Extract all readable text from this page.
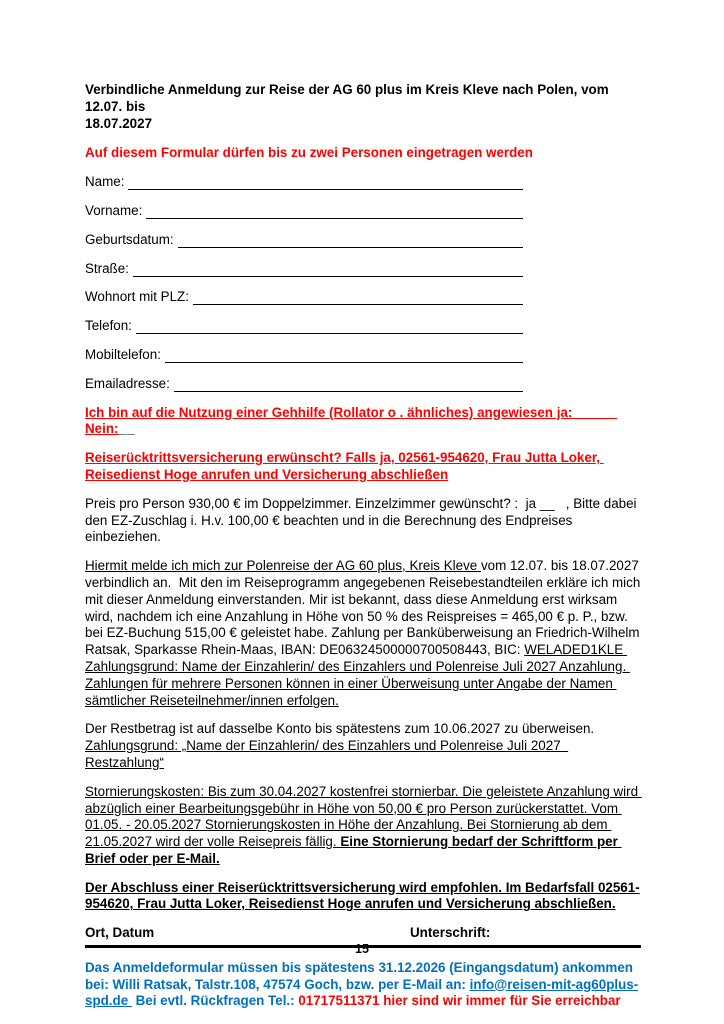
Verbindliche Anmeldung zur Reise der AG 60 plus im Kreis Kleve nach Polen, vom 12.07. bis
18.07.2027
Auf diesem Formular dürfen bis zu zwei Personen eingetragen werden
Name:
Vorname:
Geburtsdatum:
Straße:
Wohnort mit PLZ:
Telefon:
Mobiltelefon:
Emailadresse:
Ich bin auf die Nutzung einer Gehhilfe (Rollator o . ähnliches) angewiesen ja:            Nein:__
Reiserücktrittsversicherung erwünscht? Falls ja, 02561-954620, Frau Jutta Loker, Reisedienst Hoge anrufen und Versicherung abschließen
Preis pro Person 930,00 € im Doppelzimmer. Einzelzimmer gewünscht? :  ja __   , Bitte dabei den EZ-Zuschlag i. H.v. 100,00 € beachten und in die Berechnung des Endpreises einbeziehen.
Hiermit melde ich mich zur Polenreise der AG 60 plus, Kreis Kleve vom 12.07. bis 18.07.2027 verbindlich an.  Mit den im Reiseprogramm angegebenen Reisebestandteilen erkläre ich mich mit dieser Anmeldung einverstanden. Mir ist bekannt, dass diese Anmeldung erst wirksam wird, nachdem ich eine Anzahlung in Höhe von 50 % des Reispreises = 465,00 € p. P., bzw. bei EZ-Buchung 515,00 € geleistet habe. Zahlung per Banküberweisung an Friedrich-Wilhelm Ratsak, Sparkasse Rhein-Maas, IBAN: DE06324500000700508443, BIC: WELADED1KLE Zahlungsgrund: Name der Einzahlerin/ des Einzahlers und Polenreise Juli 2027 Anzahlung. Zahlungen für mehrere Personen können in einer Überweisung unter Angabe der Namen sämtlicher Reiseteilnehmer/innen erfolgen.
Der Restbetrag ist auf dasselbe Konto bis spätestens zum 10.06.2027 zu überweisen. Zahlungsgrund: „Name der Einzahlerin/ des Einzahlers und Polenreise Juli 2027  Restzahlung“
Stornierungskosten: Bis zum 30.04.2027 kostenfrei stornierbar. Die geleistete Anzahlung wird abzüglich einer Bearbeitungsgebühr in Höhe von 50,00 € pro Person zurückerstattet. Vom 01.05. - 20.05.2027 Stornierungskosten in Höhe der Anzahlung. Bei Stornierung ab dem 21.05.2027 wird der volle Reisepreis fällig. Eine Stornierung bedarf der Schriftform per Brief oder per E-Mail.
Der Abschluss einer Reiserücktrittsversicherung wird empfohlen. Im Bedarfsfall 02561-954620, Frau Jutta Loker, Reisedienst Hoge anrufen und Versicherung abschließen.
Ort, Datum	Unterschrift:
Das Anmeldeformular müssen bis spätestens 31.12.2026 (Eingangsdatum) ankommen bei: Willi Ratsak, Talstr.108, 47574 Goch, bzw. per E-Mail an: info@reisen-mit-ag60plus-spd.de  Bei evtl. Rückfragen Tel.: 01717511371 hier sind wir immer für Sie erreichbar
15
